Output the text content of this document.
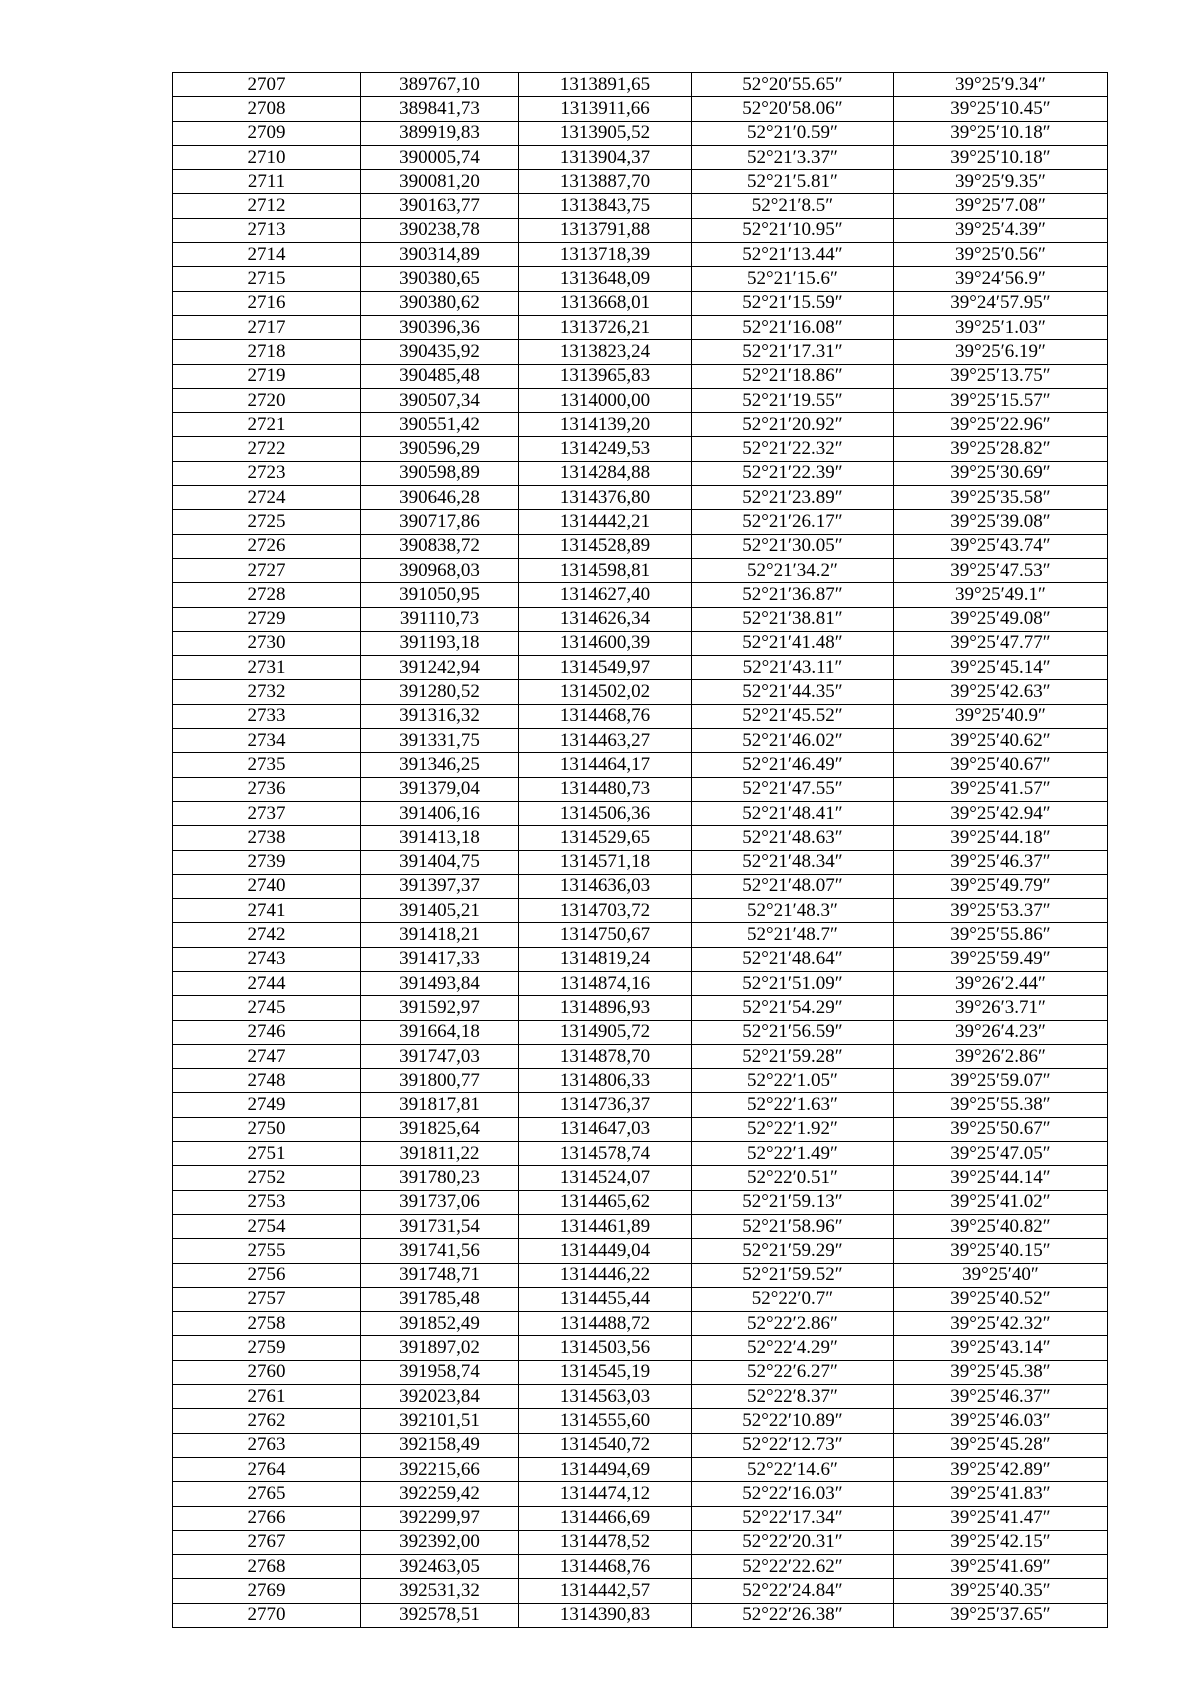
2707	389767,10	1313891,65	52°20′55.65″	39°25′9.34″
2708	389841,73	1313911,66	52°20′58.06″	39°25′10.45″
2709	389919,83	1313905,52	52°21′0.59″	39°25′10.18″
2710	390005,74	1313904,37	52°21′3.37″	39°25′10.18″
2711	390081,20	1313887,70	52°21′5.81″	39°25′9.35″
2712	390163,77	1313843,75	52°21′8.5″	39°25′7.08″
2713	390238,78	1313791,88	52°21′10.95″	39°25′4.39″
2714	390314,89	1313718,39	52°21′13.44″	39°25′0.56″
2715	390380,65	1313648,09	52°21′15.6″	39°24′56.9″
2716	390380,62	1313668,01	52°21′15.59″	39°24′57.95″
2717	390396,36	1313726,21	52°21′16.08″	39°25′1.03″
2718	390435,92	1313823,24	52°21′17.31″	39°25′6.19″
2719	390485,48	1313965,83	52°21′18.86″	39°25′13.75″
2720	390507,34	1314000,00	52°21′19.55″	39°25′15.57″
2721	390551,42	1314139,20	52°21′20.92″	39°25′22.96″
2722	390596,29	1314249,53	52°21′22.32″	39°25′28.82″
2723	390598,89	1314284,88	52°21′22.39″	39°25′30.69″
2724	390646,28	1314376,80	52°21′23.89″	39°25′35.58″
2725	390717,86	1314442,21	52°21′26.17″	39°25′39.08″
2726	390838,72	1314528,89	52°21′30.05″	39°25′43.74″
2727	390968,03	1314598,81	52°21′34.2″	39°25′47.53″
2728	391050,95	1314627,40	52°21′36.87″	39°25′49.1″
2729	391110,73	1314626,34	52°21′38.81″	39°25′49.08″
2730	391193,18	1314600,39	52°21′41.48″	39°25′47.77″
2731	391242,94	1314549,97	52°21′43.11″	39°25′45.14″
2732	391280,52	1314502,02	52°21′44.35″	39°25′42.63″
2733	391316,32	1314468,76	52°21′45.52″	39°25′40.9″
2734	391331,75	1314463,27	52°21′46.02″	39°25′40.62″
2735	391346,25	1314464,17	52°21′46.49″	39°25′40.67″
2736	391379,04	1314480,73	52°21′47.55″	39°25′41.57″
2737	391406,16	1314506,36	52°21′48.41″	39°25′42.94″
2738	391413,18	1314529,65	52°21′48.63″	39°25′44.18″
2739	391404,75	1314571,18	52°21′48.34″	39°25′46.37″
2740	391397,37	1314636,03	52°21′48.07″	39°25′49.79″
2741	391405,21	1314703,72	52°21′48.3″	39°25′53.37″
2742	391418,21	1314750,67	52°21′48.7″	39°25′55.86″
2743	391417,33	1314819,24	52°21′48.64″	39°25′59.49″
2744	391493,84	1314874,16	52°21′51.09″	39°26′2.44″
2745	391592,97	1314896,93	52°21′54.29″	39°26′3.71″
2746	391664,18	1314905,72	52°21′56.59″	39°26′4.23″
2747	391747,03	1314878,70	52°21′59.28″	39°26′2.86″
2748	391800,77	1314806,33	52°22′1.05″	39°25′59.07″
2749	391817,81	1314736,37	52°22′1.63″	39°25′55.38″
2750	391825,64	1314647,03	52°22′1.92″	39°25′50.67″
2751	391811,22	1314578,74	52°22′1.49″	39°25′47.05″
2752	391780,23	1314524,07	52°22′0.51″	39°25′44.14″
2753	391737,06	1314465,62	52°21′59.13″	39°25′41.02″
2754	391731,54	1314461,89	52°21′58.96″	39°25′40.82″
2755	391741,56	1314449,04	52°21′59.29″	39°25′40.15″
2756	391748,71	1314446,22	52°21′59.52″	39°25′40″
2757	391785,48	1314455,44	52°22′0.7″	39°25′40.52″
2758	391852,49	1314488,72	52°22′2.86″	39°25′42.32″
2759	391897,02	1314503,56	52°22′4.29″	39°25′43.14″
2760	391958,74	1314545,19	52°22′6.27″	39°25′45.38″
2761	392023,84	1314563,03	52°22′8.37″	39°25′46.37″
2762	392101,51	1314555,60	52°22′10.89″	39°25′46.03″
2763	392158,49	1314540,72	52°22′12.73″	39°25′45.28″
2764	392215,66	1314494,69	52°22′14.6″	39°25′42.89″
2765	392259,42	1314474,12	52°22′16.03″	39°25′41.83″
2766	392299,97	1314466,69	52°22′17.34″	39°25′41.47″
2767	392392,00	1314478,52	52°22′20.31″	39°25′42.15″
2768	392463,05	1314468,76	52°22′22.62″	39°25′41.69″
2769	392531,32	1314442,57	52°22′24.84″	39°25′40.35″
2770	392578,51	1314390,83	52°22′26.38″	39°25′37.65″
